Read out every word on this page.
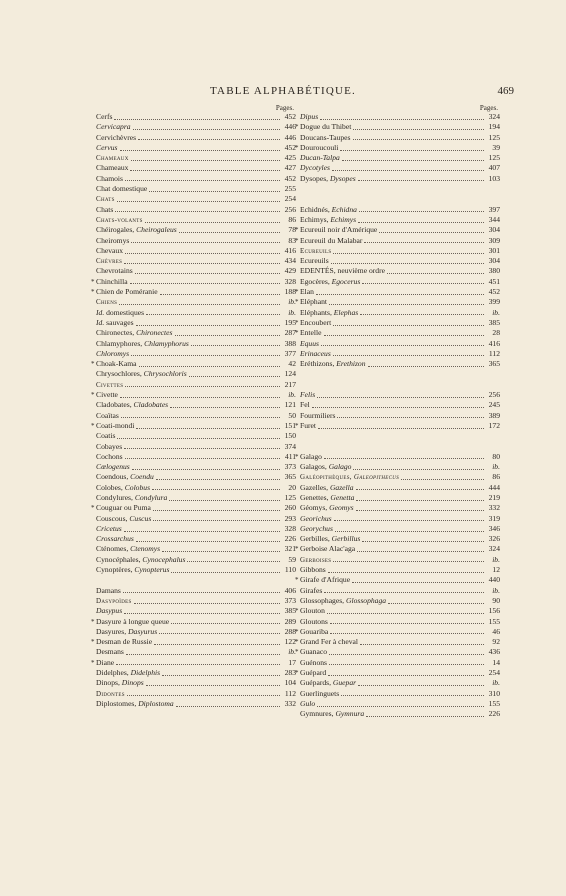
TABLE ALPHABÉTIQUE.	469
Pages.
Cerfs	452
Cervicapra	446
Cervichèvres	446
Cervus	452
Chameaux	425
Chameaux	427
Chamois	452
Chat domestique	255
Chats	254
Chats	256
Chats-volants	86
Chéirogales, Cheirogaleus	78
Cheiromys	83
Chevaux	416
Chèvres	434
Chevrotains	429
* Chinchilla	328
* Chien de Poméranie	188
Chiens	ib.
Id. domestiques	ib.
Id. sauvages	195
Chironectes, Chironectes	287
Chlamyphores, Chlamyphorus	388
Chloromys	377
* Choak-Kama	42
Chrysochlores, Chrysochloris	124
Civettes	217
* Civette	ib.
Cladobates, Cladobates	121
Coaïtas	50
* Coati-mondi	151
Coatis	150
Cobayes	374
Cochons	411
Cœlogenus	373
Coendous, Coendu	365
Colobes, Colobus	20
Condylures, Condylura	125
* Couguar ou Puma	260
Couscous, Cuscus	293
Cricetus	328
Crossarchus	226
Cténomes, Ctenomys	321
Cynocéphales, Cynocephalus	59
Cynoptères, Cynopterus	110
Damans	406
Dasypoïdes	373
Dasypus	385
* Dasyure à longue queue	289
Dasyures, Dasyurus	288
* Desman de Russie	122
Desmans	ib.
* Diane	17
Didelphes, Didelphis	283
Dinops, Dinops	104
Didontes	112
Diplostomes, Diplostoma	332
Pages.
Dipus	324
* Dogue du Thibet	194
Doucans-Taupes	125
* Douroucouli	39
Ducan-Talpa	125
Dycotyles	407
Dysopes, Dysopes	103
Echidnés, Echidna	397
Echimys, Echimys	344
* Ecureuil noir d'Amérique	304
* Ecureuil du Malabar	309
Ecureuils	301
Ecureuils	304
EDENTÉS, neuvième ordre	380
Egocères, Egocerus	451
* Elan	452
* Eléphant	399
Eléphants, Elephas	ib.
* Encoubert	385
* Entelle	28
Equus	416
Erinaceus	112
Eréthizons, Erethizon	365
Felis	256
Fel	245
Fourmiliers	389
* Furet	172
* Galago	80
Galagos, Galago	ib.
Galéopithèques, Galeopithecus	86
Gazelles, Gazella	444
Genettes, Genetta	219
Géomys, Geomys	332
Georichus	319
Georychus	346
Gerbilles, Gerbillus	326
* Gerboise Alac'aga	324
Gerboises	ib.
Gibbons	12
* Girafe d'Afrique	440
Girafes	ib.
Glossophages, Glossophaga	90
* Glouton	156
Gloutons	155
* Gouariba	46
* Grand Fer à cheval	92
* Guanaco	436
Guénons	14
* Guépard	254
Guépards, Guepar	ib.
Guerlinguets	310
Gulo	155
Gymnures, Gymnura	226
